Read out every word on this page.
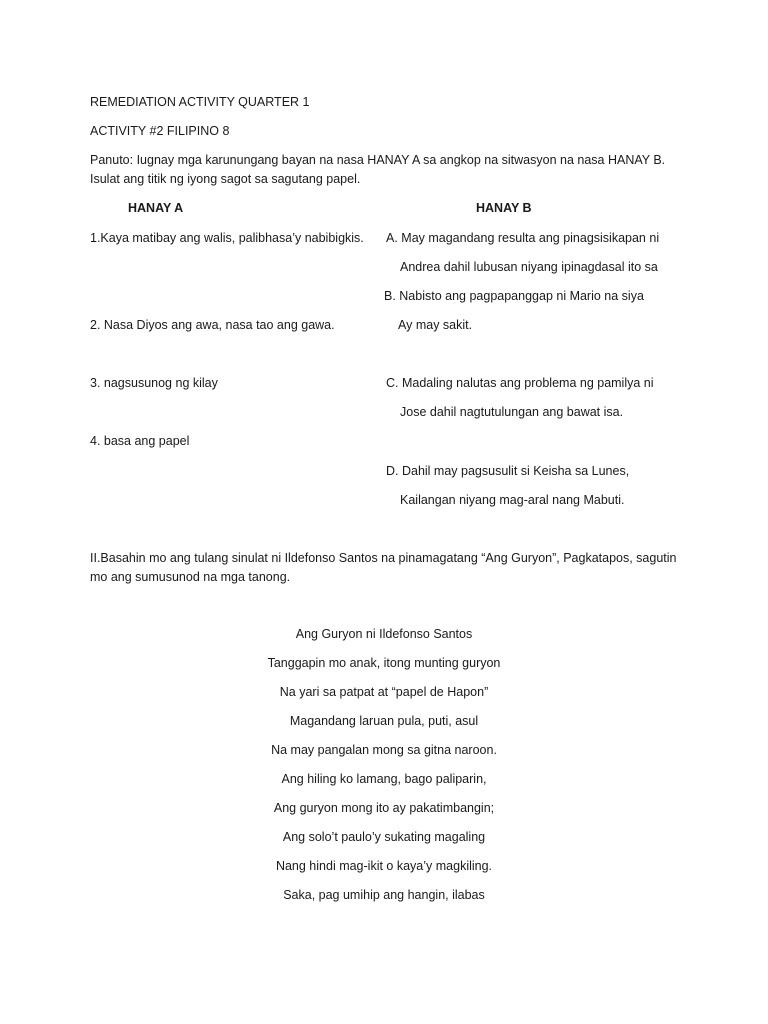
REMEDIATION ACTIVITY QUARTER 1
ACTIVITY #2 FILIPINO 8
Panuto: Iugnay mga karunungang bayan na nasa HANAY A sa angkop na sitwasyon na nasa HANAY B.
Isulat ang titik ng iyong sagot sa sagutang papel.
HANAY A	HANAY B
1.Kaya matibay ang walis, palibhasa’y nabibigkis.
2. Nasa Diyos ang awa, nasa tao ang gawa.
3. nagsusunog ng kilay
4. basa ang papel
A. May magandang resulta ang pinagsisikapan ni
Andrea dahil lubusan niyang ipinagdasal ito sa
B. Nabisto ang pagpapanggap ni Mario na siya
Ay may sakit.
C. Madaling nalutas ang problema ng pamilya ni
Jose dahil nagtutulungan ang bawat isa.
D. Dahil may pagsusulit si Keisha sa Lunes,
Kailangan niyang mag-aral nang Mabuti.
II.Basahin mo ang tulang sinulat ni Ildefonso Santos na pinamagatang “Ang Guryon”, Pagkatapos, sagutin
mo ang sumusunod na mga tanong.
Ang Guryon ni Ildefonso Santos
Tanggapin mo anak, itong munting guryon
Na yari sa patpat at “papel de Hapon”
Magandang laruan pula, puti, asul
Na may pangalan mong sa gitna naroon.
Ang hiling ko lamang, bago paliparin,
Ang guryon mong ito ay pakatimbangin;
Ang solo’t paulo’y sukating magaling
Nang hindi mag-ikit o kaya’y magkiling.
Saka, pag umihip ang hangin, ilabas
